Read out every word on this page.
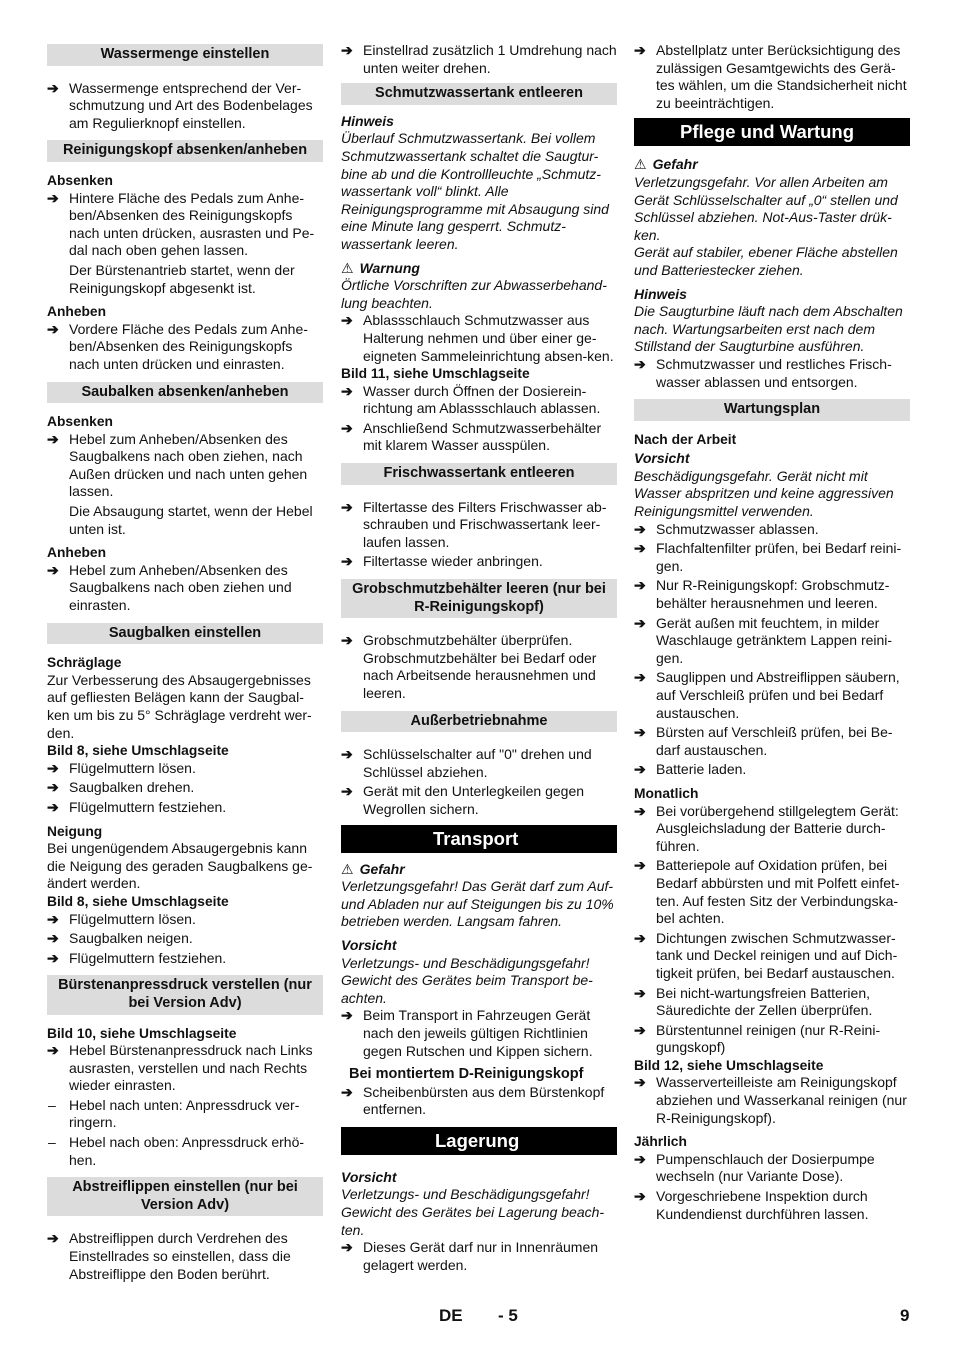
Wassermenge einstellen
➔ Wassermenge entsprechend der Ver-schmutzung und Art des Bodenbelages am Regulierknopf einstellen.
Reinigungskopf absenken/anheben
Absenken
➔ Hintere Fläche des Pedals zum Anhe-ben/Absenken des Reinigungskopfs nach unten drücken, ausrasten und Pe-dal nach oben gehen lassen.
Der Bürstenantrieb startet, wenn der Reinigungskopf abgesenkt ist.
Anheben
➔ Vordere Fläche des Pedals zum Anhe-ben/Absenken des Reinigungskopfs nach unten drücken und einrasten.
Saubalken absenken/anheben
Absenken
➔ Hebel zum Anheben/Absenken des Saugbalkens nach oben ziehen, nach Außen drücken und nach unten gehen lassen.
Die Absaugung startet, wenn der Hebel unten ist.
Anheben
➔ Hebel zum Anheben/Absenken des Saugbalkens nach oben ziehen und einrasten.
Saugbalken einstellen
Schräglage
Zur Verbesserung des Absaugergebnisses auf gefliesten Belägen kann der Saugbal-ken um bis zu 5° Schräglage verdreht wer-den.
Bild 8, siehe Umschlagseite
➔ Flügelmuttern lösen.
➔ Saugbalken drehen.
➔ Flügelmuttern festziehen.
Neigung
Bei ungenügendem Absaugergebnis kann die Neigung des geraden Saugbalkens ge-ändert werden.
Bild 8, siehe Umschlagseite
➔ Flügelmuttern lösen.
➔ Saugbalken neigen.
➔ Flügelmuttern festziehen.
Bürstenanpressdruck verstellen (nur bei Version Adv)
Bild 10, siehe Umschlagseite
➔ Hebel Bürstenanpressdruck nach Links ausrasten, verstellen und nach Rechts wieder einrasten.
– Hebel nach unten: Anpressdruck ver-ringern.
– Hebel nach oben: Anpressdruck erhö-hen.
Abstreiflippen einstellen (nur bei Version Adv)
➔ Abstreiflippen durch Verdrehen des Einstellrades so einstellen, dass die Abstreiflippe den Boden berührt.
➔ Einstellrad zusätzlich 1 Umdrehung nach unten weiter drehen.
Schmutzwassertank entleeren
Hinweis
Überlauf Schmutzwassertank. Bei vollem Schmutzwassertank schaltet die Saugtur-bine ab und die Kontrollleuchte „Schmutz-wassertank voll“ blinkt. Alle Reinigungsprogramme mit Absaugung sind eine Minute lang gesperrt. Schmutz-wassertank leeren.
⚠ Warnung
Örtliche Vorschriften zur Abwasserbehand-lung beachten.
➔ Ablassschlauch Schmutzwasser aus Halterung nehmen und über einer ge-eigneten Sammeleinrichtung absen-ken.
Bild 11, siehe Umschlagseite
➔ Wasser durch Öffnen der Dosierein-richtung am Ablassschlauch ablassen.
➔ Anschließend Schmutzwasserbehälter mit klarem Wasser ausspülen.
Frischwassertank entleeren
➔ Filtertasse des Filters Frischwasser ab-schrauben und Frischwassertank leer-laufen lassen.
➔ Filtertasse wieder anbringen.
Grobschmutzbehälter leeren (nur bei R-Reinigungskopf)
➔ Grobschmutzbehälter überprüfen. Grobschmutzbehälter bei Bedarf oder nach Arbeitsende herausnehmen und leeren.
Außerbetriebnahme
➔ Schlüsselschalter auf "0" drehen und Schlüssel abziehen.
➔ Gerät mit den Unterlegkeilen gegen Wegrollen sichern.
Transport
⚠ Gefahr
Verletzungsgefahr! Das Gerät darf zum Auf- und Abladen nur auf Steigungen bis zu 10% betrieben werden. Langsam fahren.
Vorsicht
Verletzungs- und Beschädigungsgefahr! Gewicht des Gerätes beim Transport be-achten.
➔ Beim Transport in Fahrzeugen Gerät nach den jeweils gültigen Richtlinien gegen Rutschen und Kippen sichern.
Bei montiertem D-Reinigungskopf
➔ Scheibenbürsten aus dem Bürstenkopf entfernen.
Lagerung
Vorsicht
Verletzungs- und Beschädigungsgefahr! Gewicht des Gerätes bei Lagerung beach-ten.
➔ Dieses Gerät darf nur in Innenräumen gelagert werden.
➔ Abstellplatz unter Berücksichtigung des zulässigen Gesamtgewichts des Gerä-tes wählen, um die Standsicherheit nicht zu beeinträchtigen.
Pflege und Wartung
⚠ Gefahr
Verletzungsgefahr. Vor allen Arbeiten am Gerät Schlüsselschalter auf „0“ stellen und Schlüssel abziehen. Not-Aus-Taster drük-ken.
Gerät auf stabiler, ebener Fläche abstellen und Batteriestecker ziehen.
Hinweis
Die Saugturbine läuft nach dem Abschalten nach. Wartungsarbeiten erst nach dem Stillstand der Saugturbine ausführen.
➔ Schmutzwasser und restliches Frisch-wasser ablassen und entsorgen.
Wartungsplan
Nach der Arbeit
Vorsicht
Beschädigungsgefahr. Gerät nicht mit Wasser abspritzen und keine aggressiven Reinigungsmittel verwenden.
➔ Schmutzwasser ablassen.
➔ Flachfaltenfilter prüfen, bei Bedarf reini-gen.
➔ Nur R-Reinigungskopf: Grobschmutz-behälter herausnehmen und leeren.
➔ Gerät außen mit feuchtem, in milder Waschlauge getränktem Lappen reini-gen.
➔ Sauglippen und Abstreiflippen säubern, auf Verschleiß prüfen und bei Bedarf austauschen.
➔ Bürsten auf Verschleiß prüfen, bei Be-darf austauschen.
➔ Batterie laden.
Monatlich
➔ Bei vorübergehend stillgelegtem Gerät: Ausgleichsladung der Batterie durch-führen.
➔ Batteriepole auf Oxidation prüfen, bei Bedarf abbürsten und mit Polfett einfet-ten. Auf festen Sitz der Verbindungska-bel achten.
➔ Dichtungen zwischen Schmutzwasser-tank und Deckel reinigen und auf Dich-tigkeit prüfen, bei Bedarf austauschen.
➔ Bei nicht-wartungsfreien Batterien, Säuredichte der Zellen überprüfen.
➔ Bürstentunnel reinigen (nur R-Reini-gungskopf)
Bild 12, siehe Umschlagseite
➔ Wasserverteilleiste am Reinigungskopf abziehen und Wasserkanal reinigen (nur R-Reinigungskopf).
Jährlich
➔ Pumpenschlauch der Dosierpumpe wechseln (nur Variante Dose).
➔ Vorgeschriebene Inspektion durch Kundendienst durchführen lassen.
DE - 5	9
